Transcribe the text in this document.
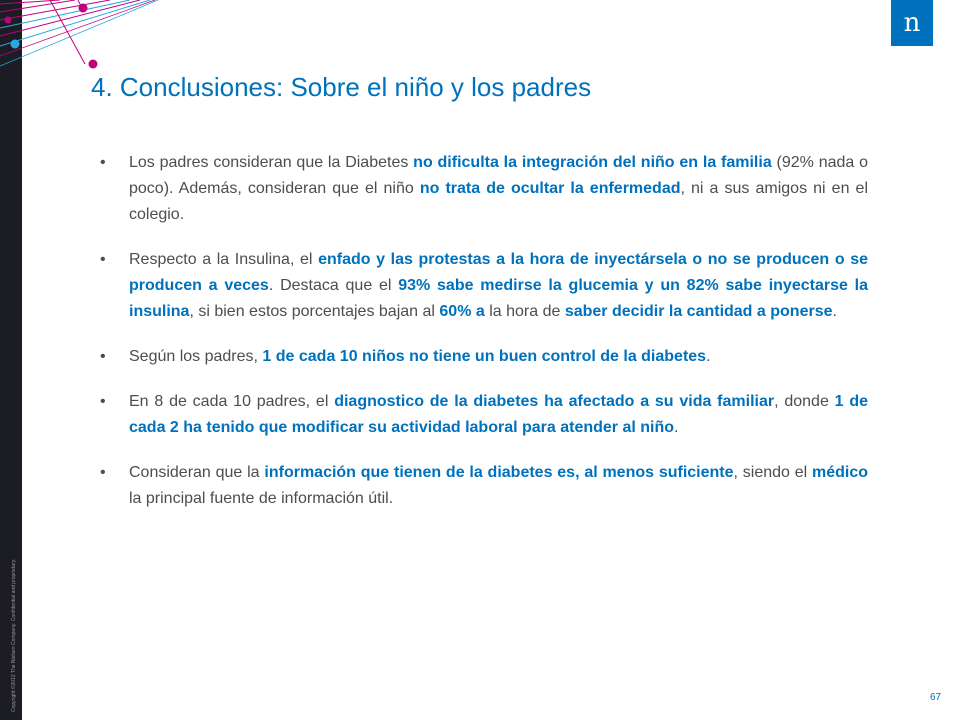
Copyright ©2012 The Nielsen Company. Confidential and proprietary.
n
4. Conclusiones: Sobre el niño y los padres
• Los padres consideran que la Diabetes no dificulta la integración del niño en la familia (92% nada o poco). Además, consideran que el niño no trata de ocultar la enfermedad, ni a sus amigos ni en el colegio.
• Respecto a la Insulina, el enfado y las protestas a la hora de inyectársela o no se producen o se producen a veces. Destaca que el 93% sabe medirse la glucemia y un 82% sabe inyectarse la insulina, si bien estos porcentajes bajan al 60% a la hora de saber decidir la cantidad a ponerse.
• Según los padres, 1 de cada 10 niños no tiene un buen control de la diabetes.
• En 8 de cada 10 padres, el diagnostico de la diabetes ha afectado a su vida familiar, donde 1 de cada 2 ha tenido que modificar su actividad laboral para atender al niño.
• Consideran que la información que tienen de la diabetes es, al menos suficiente, siendo el médico la principal fuente de información útil.
67
